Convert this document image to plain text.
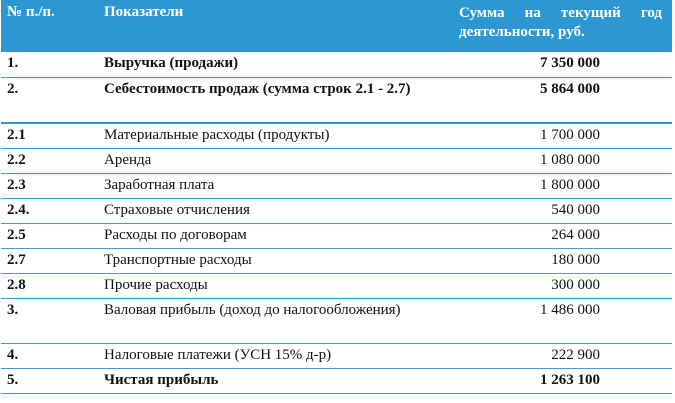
№ п./п.	Показатели	Сумма на текущий год деятельности, руб.
1.	Выручка (продажи)	7 350 000
2.	Себестоимость продаж (сумма строк 2.1 - 2.7)	5 864 000
2.1	Материальные расходы (продукты)	1 700 000
2.2	Аренда	1 080 000
2.3	Заработная плата	1 800 000
2.4.	Страховые отчисления	540 000
2.5	Расходы по договорам	264 000
2.7	Транспортные расходы	180 000
2.8	Прочие расходы	300 000
3.	Валовая прибыль (доход до налогообложения)	1 486 000
4.	Налоговые платежи (УСН 15% д-р)	222 900
5.	Чистая прибыль	1 263 100
